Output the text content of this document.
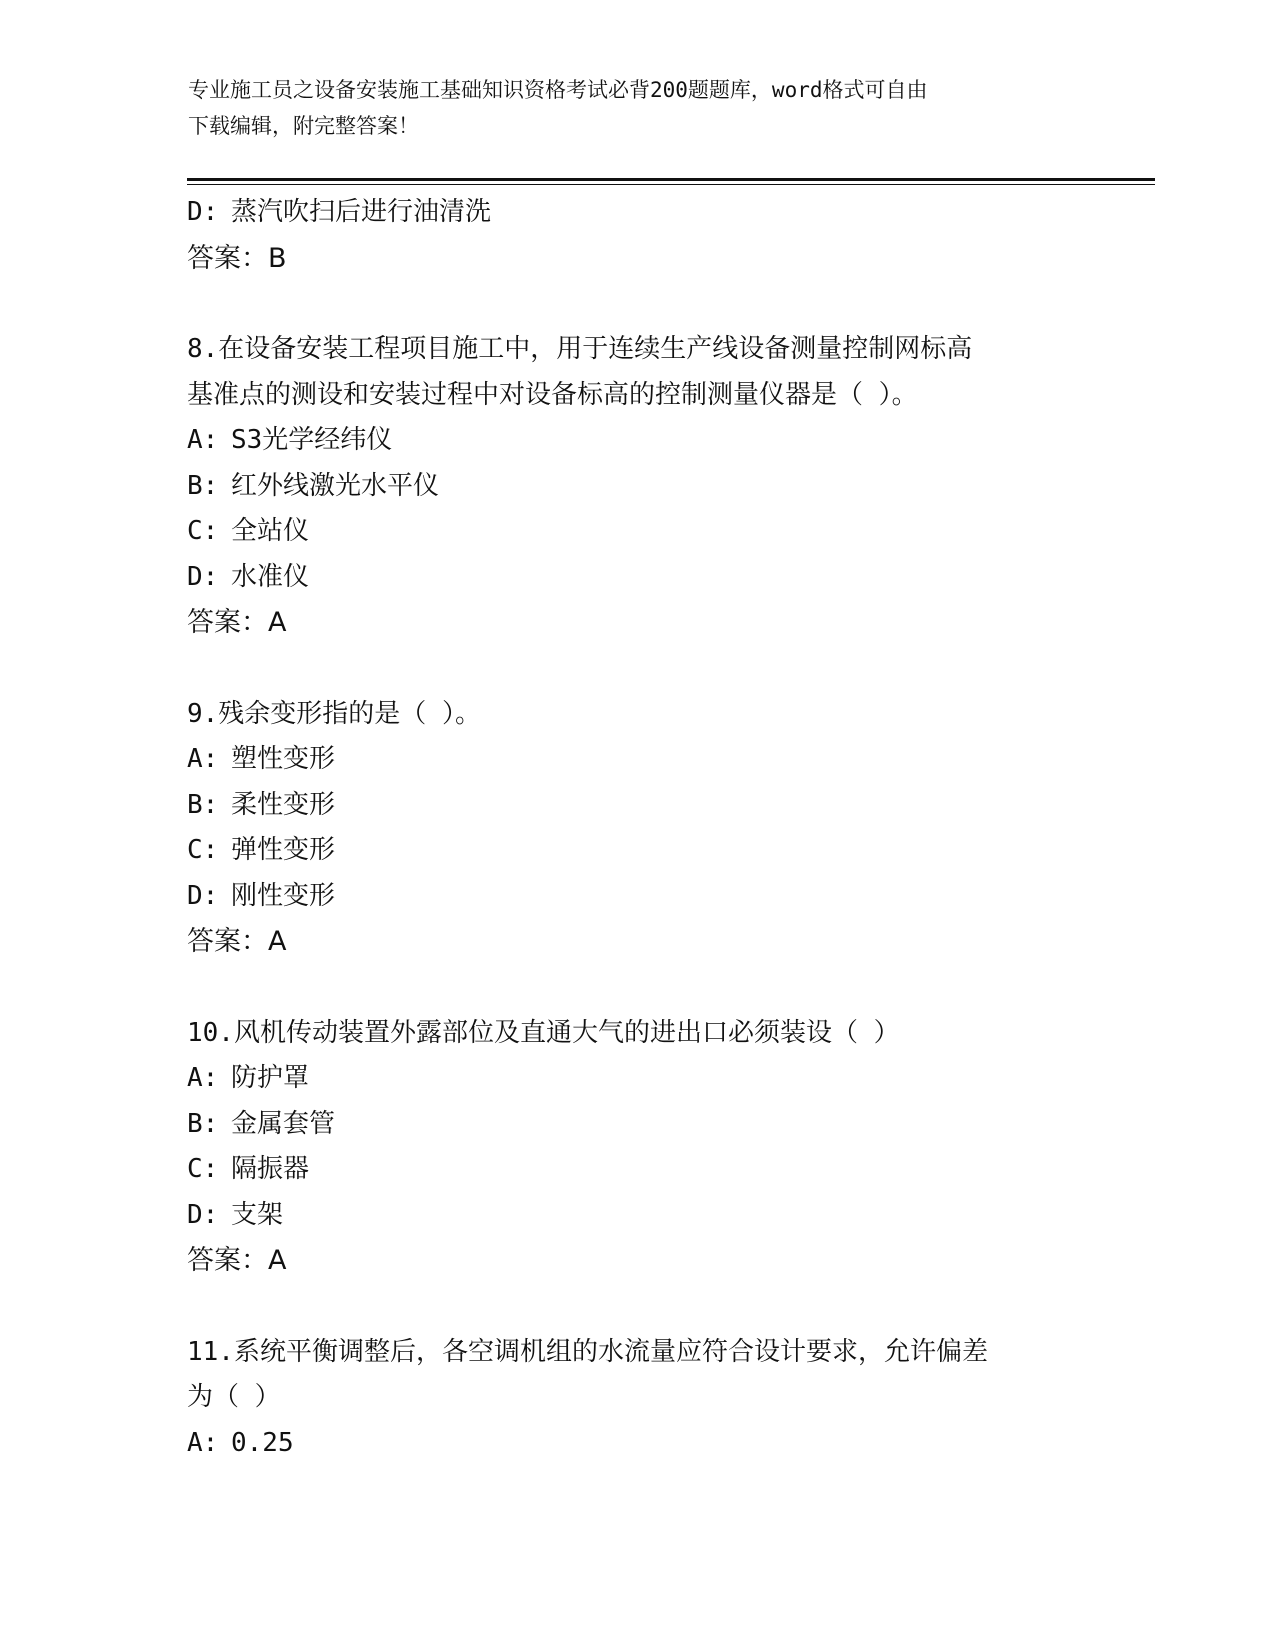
专业施工员之设备安装施工基础知识资格考试必背200题题库，word格式可自由
下载编辑，附完整答案！
D: 蒸汽吹扫后进行油清洗
答案：B
8.在设备安装工程项目施工中，用于连续生产线设备测量控制网标高
基准点的测设和安装过程中对设备标高的控制测量仪器是（ ）。
A: S3光学经纬仪
B: 红外线激光水平仪
C: 全站仪
D: 水准仪
答案：A
9.残余变形指的是（ ）。
A: 塑性变形
B: 柔性变形
C: 弹性变形
D: 刚性变形
答案：A
10.风机传动装置外露部位及直通大气的进出口必须装设（ ）
A: 防护罩
B: 金属套管
C: 隔振器
D: 支架
答案：A
11.系统平衡调整后，各空调机组的水流量应符合设计要求，允许偏差
为（ ）
A: 0.25
